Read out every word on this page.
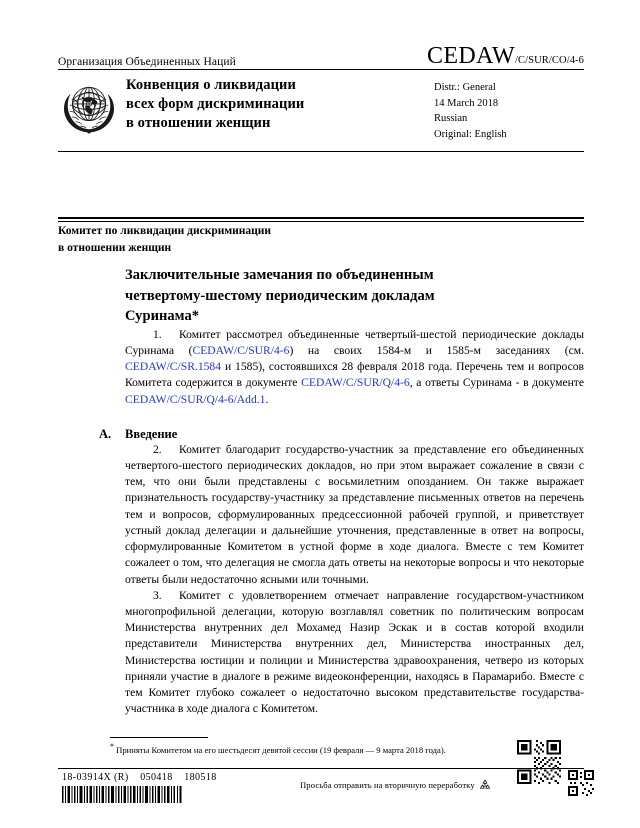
Организация Объединенных Наций	CEDAW/C/SUR/CO/4-6
Конвенция о ликвидации
всех форм дискриминации
в отношении женщин
Distr.: General
14 March 2018
Russian
Original: English
Комитет по ликвидации дискриминации
в отношении женщин
Заключительные замечания по объединенным
четвертому-шестому периодическим докладам
Суринама*

1. Комитет рассмотрел объединенные четвертый-шестой периодические доклады Суринама (CEDAW/C/SUR/4-6) на своих 1584-м и 1585-м заседаниях (см. CEDAW/C/SR.1584 и 1585), состоявшихся 28 февраля 2018 года. Перечень тем и вопросов Комитета содержится в документе CEDAW/C/SUR/Q/4-6, а ответы Суринама - в документе CEDAW/C/SUR/Q/4-6/Add.1.

A.	Введение

2. Комитет благодарит государство-участник за представление его объединенных четвертого-шестого периодических докладов, но при этом выражает сожаление в связи с тем, что они были представлены с восьмилетним опозданием. Он также выражает признательность государству-участнику за представление письменных ответов на перечень тем и вопросов, сформулированных предсессионной рабочей группой, и приветствует устный доклад делегации и дальнейшие уточнения, представленные в ответ на вопросы, сформулированные Комитетом в устной форме в ходе диалога. Вместе с тем Комитет сожалеет о том, что делегация не смогла дать ответы на некоторые вопросы и что некоторые ответы были недостаточно ясными или точными.

3. Комитет с удовлетворением отмечает направление государством-участником многопрофильной делегации, которую возглавлял советник по политическим вопросам Министерства внутренних дел Мохамед Назир Эскак и в состав которой входили представители Министерства внутренних дел, Министерства иностранных дел, Министерства юстиции и полиции и Министерства здравоохранения, четверо из которых приняли участие в диалоге в режиме видеоконференции, находясь в Парамарибо. Вместе с тем Комитет глубоко сожалеет о недостаточно высоком представительстве государства-участника в ходе диалога с Комитетом.

* Приняты Комитетом на его шестьдесят девятой сессии (19 февраля — 9 марта 2018 года).
18-03914X (R) 050418 180518
Просьба отправить на вторичную переработку
